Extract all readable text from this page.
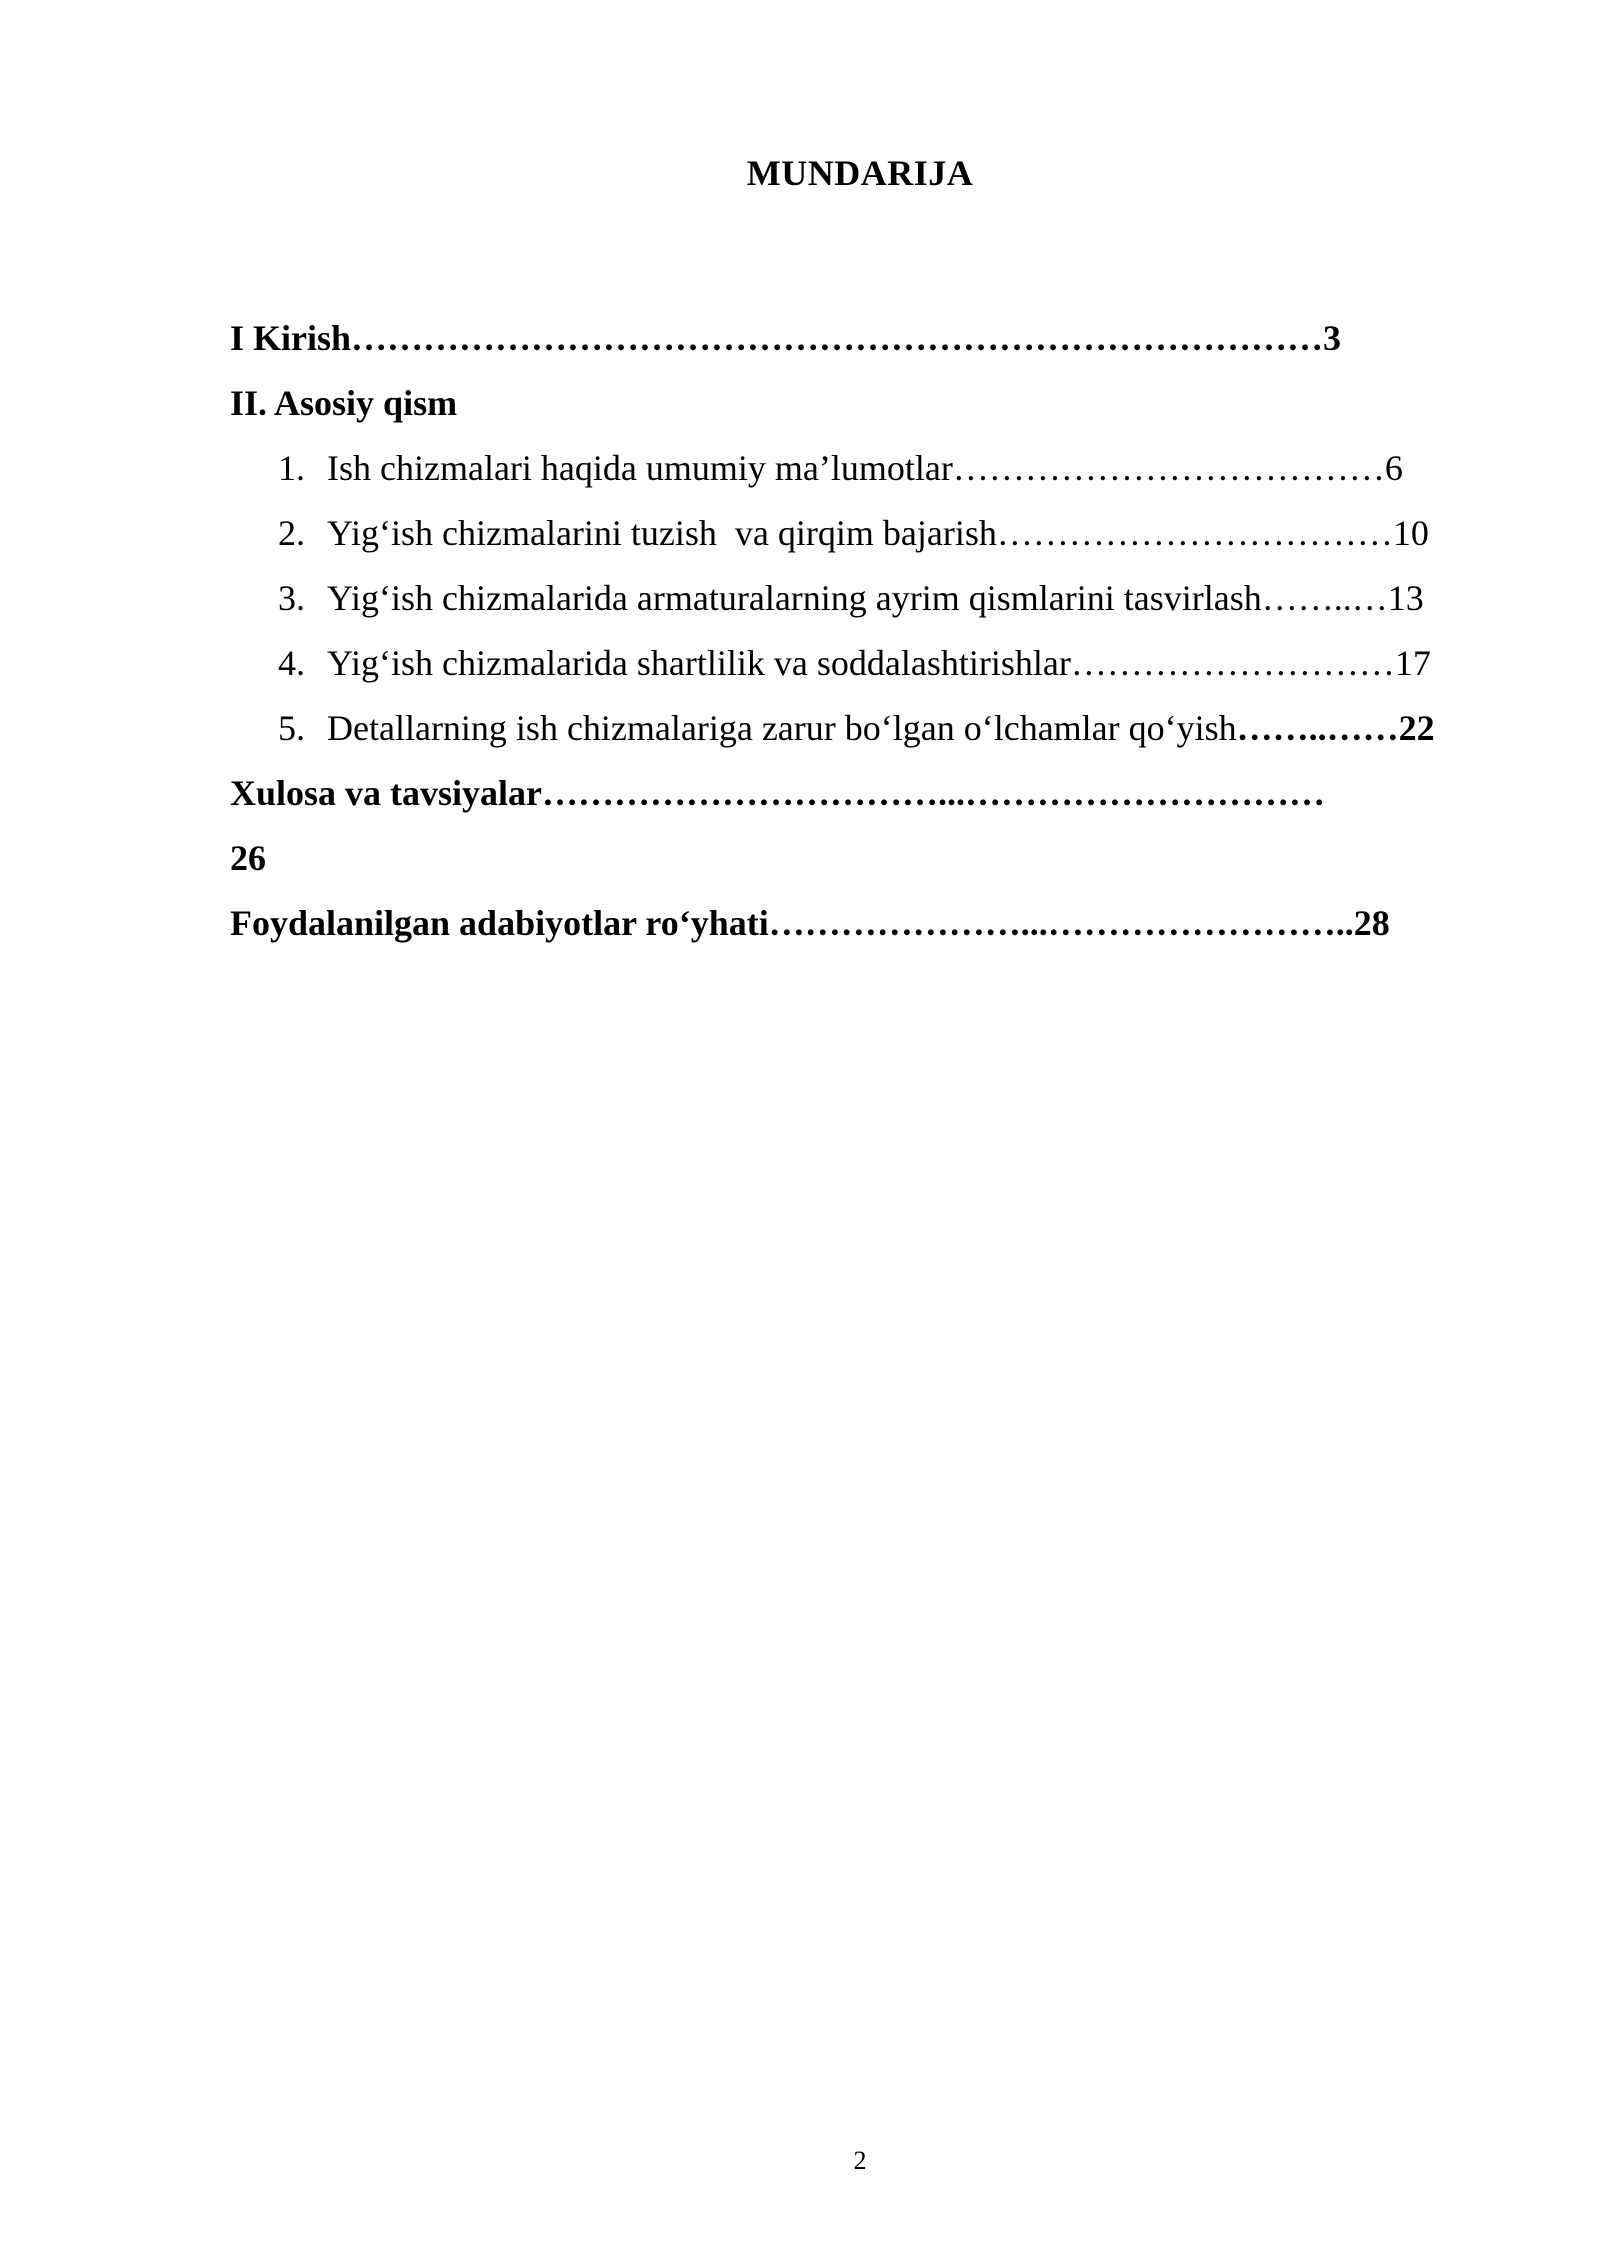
MUNDARIJA
I Kirish………………………………………………………………………3
II. Asosiy qism
1. Ish chizmalari haqida umumiy ma’lumotlar………………………………6
2. Yig‘ish chizmalarini tuzish  va qirqim bajarish……………………………10
3. Yig‘ish chizmalarida armaturalarning ayrim qismlarini tasvirlash……..…13
4. Yig‘ish chizmalarida shartlilik va soddalashtirishlar………………………17
5. Detallarning ish chizmalariga zarur bo‘lgan o‘lchamlar qo‘yish……..……22
Xulosa va tavsiyalar……………………………...…………………………
26
Foydalanilgan adabiyotlar ro‘yhati…………………...……………………..28
2
